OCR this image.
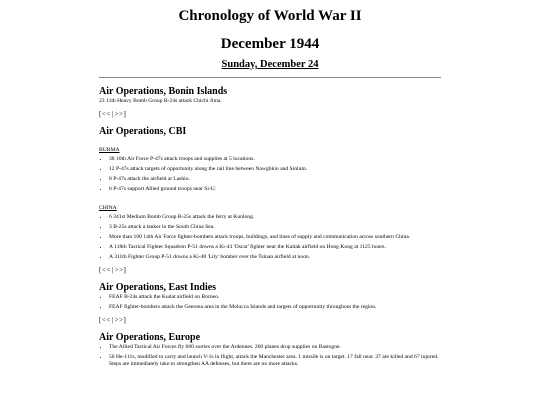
Chronology of World War II
December 1944
Sunday, December 24
Air Operations, Bonin Islands
23 11th Heavy Bomb Group B-24s attack Chichi Jima.
[<<|>>]
Air Operations, CBI
BURMA
• 38 10th Air Force P-47s attack troops and supplies at 5 locations.
• 12 P-47s attack targets of opportunity along the rail line between Nawghkio and Sinlum.
• 8 P-47s attack the airfield at Lashio.
• 6 P-47s support Allied ground troops near Si-U.
CHINA
• 6 341st Medium Bomb Group B-25s attack the ferry at Kunlong.
• 3 B-25s attack a tanker in the South China Sea.
• More than 100 14th Air Force fighter-bombers attack troops, buildings, and lines of supply and communication across southern China.
• A 118th Tactical Fighter Squadron P-51 downs a Ki-43 'Oscar' fighter near the Kaitak airfield on Hong Kong at 1125 hours.
• A 311th Fighter Group P-51 downs a Ki-48 'Lily' bomber over the Tsinan airfield at noon.
[<<|>>]
Air Operations, East Indies
• FEAF B-24s attack the Kudat airfield on Borneo.
• FEAF fighter-bombers attack the Geeroea area in the Molucca Islands and targets of opportunity throughout the region.
[<<|>>]
Air Operations, Europe
• The Allied Tactical Air Forces fly 600 sorties over the Ardennes. 260 planes drop supplies on Bastogne.
• 50 He-111s, modified to carry and launch V-1s in flight, attack the Manchester area. 1 missile is on target. 17 fall near. 37 are killed and 67 injured. Steps are immediately take to strengthen AA defenses, but there are no more attacks.
